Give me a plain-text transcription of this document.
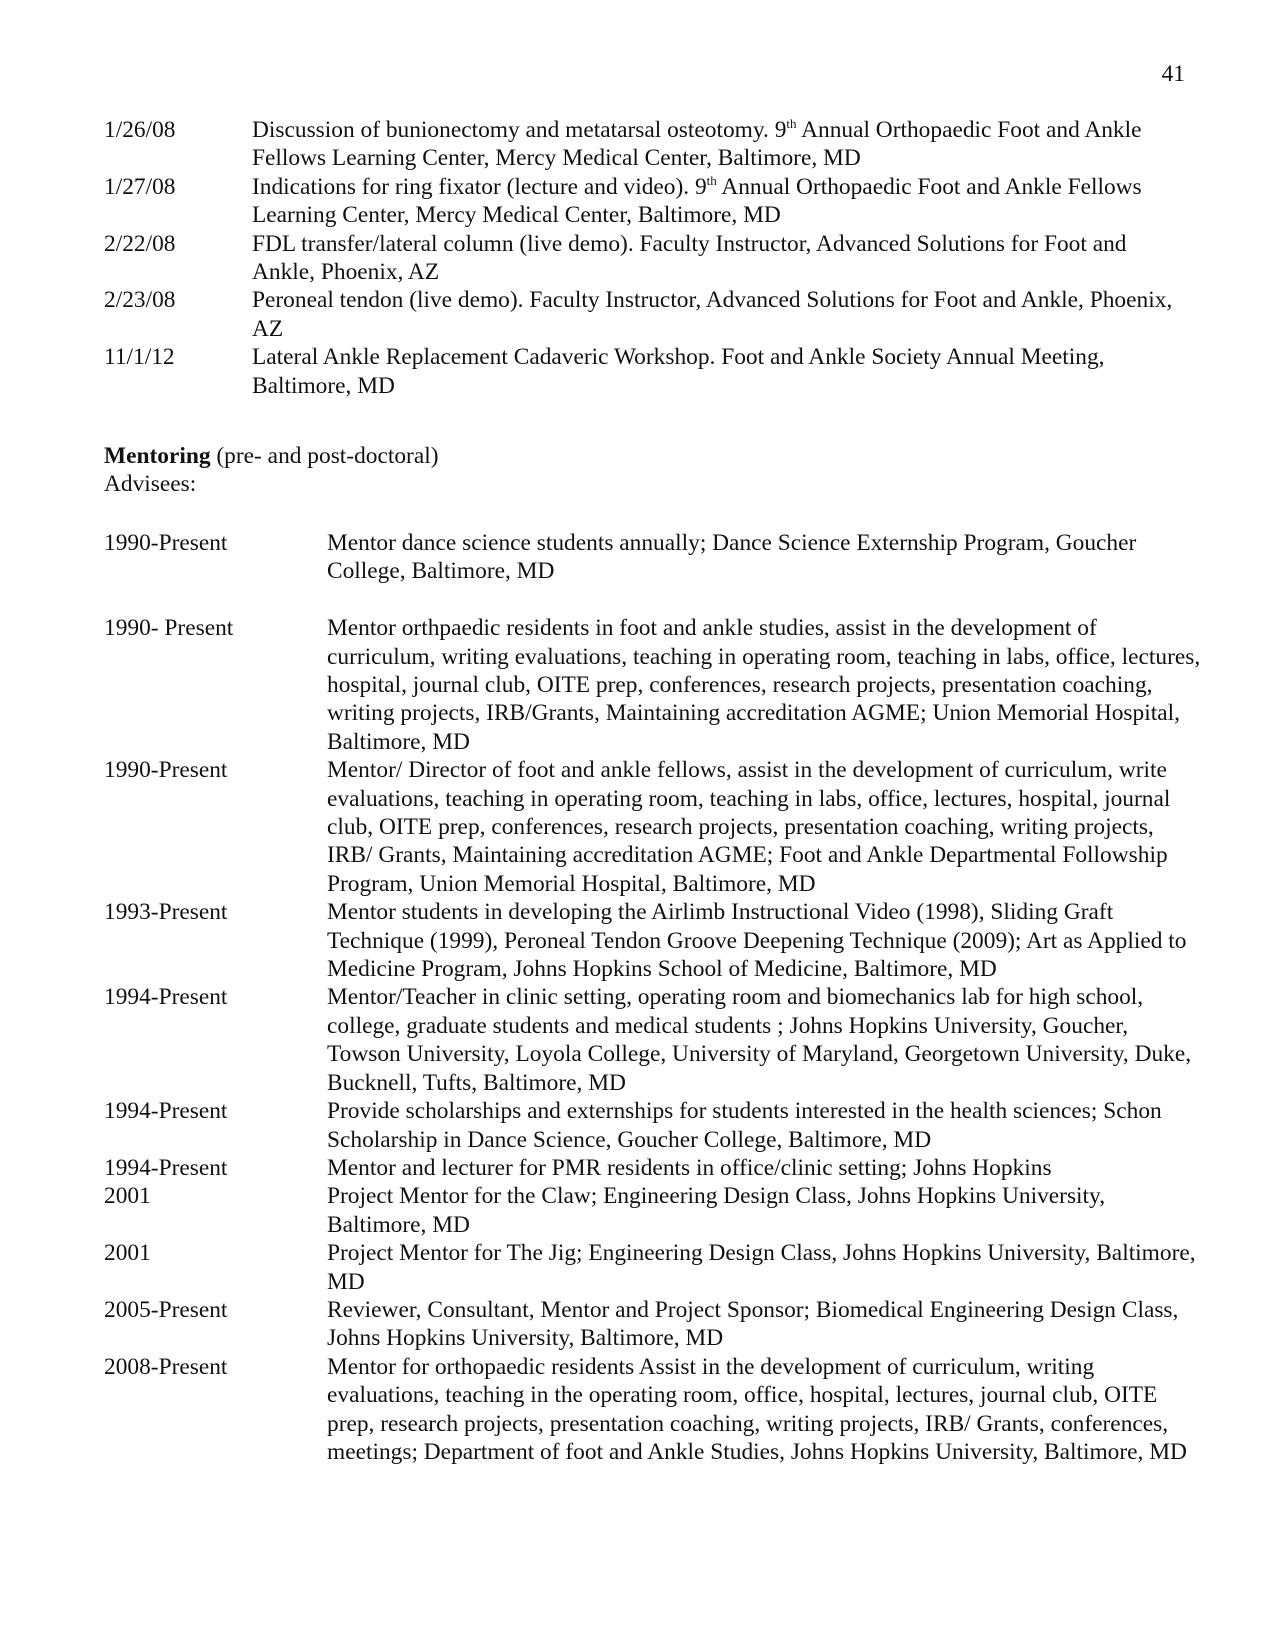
41
1/26/08	Discussion of bunionectomy and metatarsal osteotomy. 9th Annual Orthopaedic Foot and Ankle Fellows Learning Center, Mercy Medical Center, Baltimore, MD
1/27/08	Indications for ring fixator (lecture and video). 9th Annual Orthopaedic Foot and Ankle Fellows Learning Center, Mercy Medical Center, Baltimore, MD
2/22/08	FDL transfer/lateral column (live demo). Faculty Instructor, Advanced Solutions for Foot and Ankle, Phoenix, AZ
2/23/08	Peroneal tendon (live demo). Faculty Instructor, Advanced Solutions for Foot and Ankle, Phoenix, AZ
11/1/12	Lateral Ankle Replacement Cadaveric Workshop. Foot and Ankle Society Annual Meeting, Baltimore, MD
Mentoring (pre- and post-doctoral)
Advisees:
1990-Present	Mentor dance science students annually; Dance Science Externship Program, Goucher College, Baltimore, MD
1990- Present	Mentor orthpaedic residents in foot and ankle studies, assist in the development of curriculum, writing evaluations, teaching in operating room, teaching in labs, office, lectures, hospital, journal club, OITE prep, conferences, research projects, presentation coaching, writing projects, IRB/Grants, Maintaining accreditation AGME; Union Memorial Hospital, Baltimore, MD
1990-Present	Mentor/ Director of foot and ankle fellows, assist in the development of curriculum, write evaluations, teaching in operating room, teaching in labs, office, lectures, hospital, journal club, OITE prep, conferences, research projects, presentation coaching, writing projects, IRB/ Grants, Maintaining accreditation AGME; Foot and Ankle Departmental Followship Program, Union Memorial Hospital, Baltimore, MD
1993-Present	Mentor students in developing the Airlimb Instructional Video (1998), Sliding Graft Technique (1999), Peroneal Tendon Groove Deepening Technique (2009); Art as Applied to Medicine Program, Johns Hopkins School of Medicine, Baltimore, MD
1994-Present	Mentor/Teacher in clinic setting, operating room and biomechanics lab for high school, college, graduate students and medical students ; Johns Hopkins University, Goucher, Towson University, Loyola College, University of Maryland, Georgetown University, Duke, Bucknell, Tufts, Baltimore, MD
1994-Present	Provide scholarships and externships for students interested in the health sciences; Schon Scholarship in Dance Science, Goucher College, Baltimore, MD
1994-Present	Mentor and lecturer for PMR residents in office/clinic setting; Johns Hopkins
2001	Project Mentor for the Claw; Engineering Design Class, Johns Hopkins University, Baltimore, MD
2001	Project Mentor for The Jig; Engineering Design Class, Johns Hopkins University, Baltimore, MD
2005-Present	Reviewer, Consultant, Mentor and Project Sponsor; Biomedical Engineering Design Class, Johns Hopkins University, Baltimore, MD
2008-Present	Mentor for orthopaedic residents Assist in the development of curriculum, writing evaluations, teaching in the operating room, office, hospital, lectures, journal club, OITE prep, research projects, presentation coaching, writing projects, IRB/ Grants, conferences, meetings; Department of foot and Ankle Studies, Johns Hopkins University, Baltimore, MD
